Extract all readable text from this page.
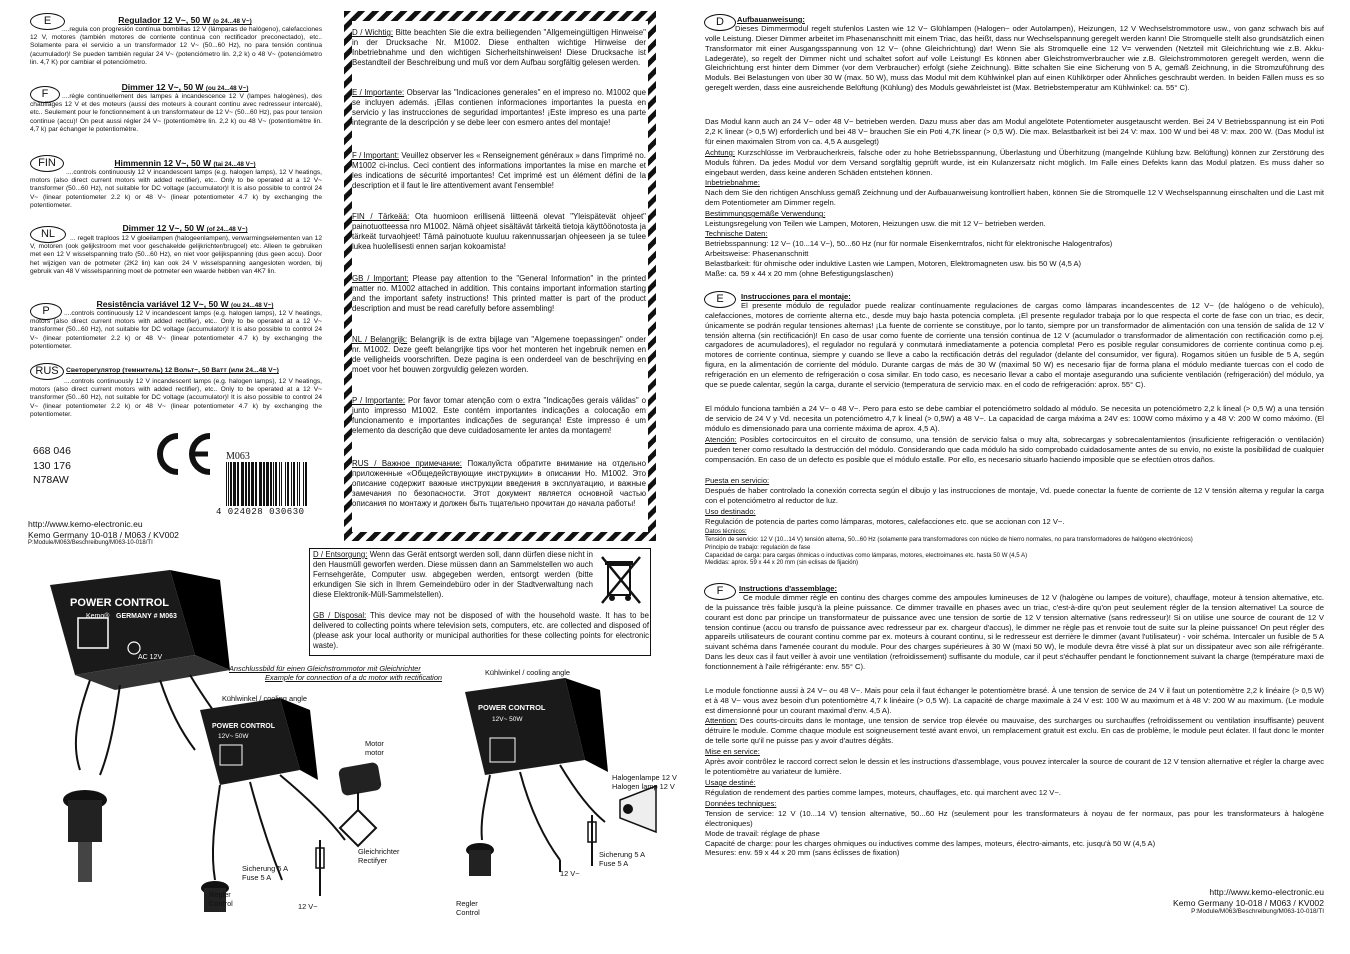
E	Regulador 12 V~, 50 W (o 24...48 V~)
....regula con progresión contínua bombillas 12 V (lámparas de halógeno), calefacciones 12 V, motores (también motores de corriente continua con rectificador preconectado), etc.. Solamente para el servicio a un transformador 12 V~ (50...60 Hz), no para tensión continua (acumulador)! Se pueden también regular 24 V~ (potenciómetro lin. 2,2 k) o 48 V~ (potenciómetro lin. 4,7 K) por cambiar el potenciómetro.
F
Dimmer 12 V~, 50 W (ou 24...48 V~)
....règle continuellement des lampes à incandescence 12 V (lampes halogènes), des chauffages 12 V et des moteurs (aussi des moteurs à courant continu avec redresseur intercalé), etc.. Seulement pour le fonctionnement à un transformateur de 12 V~ (50...60 Hz), pas pour tension continue (accu)! On peut aussi régler 24 V~ (potentiomètre lin. 2,2 k) ou 48 V~ (potentiomètre lin. 4,7 k) par échanger le potentiomètre.
FIN	Himmennin 12 V~, 50 W (tai 24...48 V~)
....controls continuously 12 V incandescent lamps (e.g. halogen lamps), 12 V heatings, motors (also direct current motors with added rectifier), etc.. Only to be operated at a 12 V~ transformer (50...60 Hz), not suitable for DC voltage (accumulator)! It is also possible to control 24 V~ (linear potentiometer 2.2 k) or 48 V~ (linear potentiometer 4.7 k) by exchanging the potentiometer.
NL	Dimmer 12 V~, 50 W (of 24...48 V~)
... regelt traploos 12 V gloeilampen (halogeenlampen), verwarmingselementen van 12 V, motoren (ook gelijkstroom met voor geschakelde gelijkrichter/brugcel) etc. Alleen te gebruiken met een 12 V wisselspanning trafo (50...60 Hz), en niet voor gelijkspanning (dus geen accu). Door het wijzigen van de potmeter (2K2 lin) kan ook 24 V wisselspanning aangesloten worden, bij gebruik van 48 V wisselspanning moet de potmeter een waarde hebben van 4K7 lin.
P
Resistência variável 12 V~, 50 W (ou 24...48 V~)
....controls continuously 12 V incandescent lamps (e.g. halogen lamps), 12 V heatings, motors (also direct current motors with added rectifier), etc.. Only to be operated at a 12 V~ transformer (50...60 Hz), not suitable for DC voltage (accumulator)! It is also possible to control 24 V~ (linear potentiometer 2.2 k) or 48 V~ (linear potentiometer 4.7 k) by exchanging the potentiometer.
RUS	Светорегулятор (темнитель) 12 Вольт~, 50 Ватт (или 24...48 V~)
....controls continuously 12 V incandescent lamps (e.g. halogen lamps), 12 V heatings, motors (also direct current motors with added rectifier), etc.. Only to be operated at a 12 V~ transformer (50...60 Hz), not suitable for DC voltage (accumulator)! It is also possible to control 24 V~ (linear potentiometer 2.2 k) or 48 V~ (linear potentiometer 4.7 k) by exchanging the potentiometer.
668 046
130 176
N78AW
M063
4 024028 030630
http://www.kemo-electronic.eu
Kemo Germany 10-018 / M063 / KV002
P:Module/M063/Beschreibung/M063-10-018/TI
D / Wichtig: Bitte beachten Sie die extra beiliegenden "Allgemeingültigen Hinweise" in der Drucksache Nr. M1002. Diese enthalten wichtige Hinweise der Inbetriebnahme und den wichtigen Sicherheitshinweisen! Diese Drucksache ist Bestandteil der Beschreibung und muß vor dem Aufbau sorgfältig gelesen werden.
E / Importante: Observar las "Indicaciones generales" en el impreso no. M1002 que se incluyen además. ¡Ellas contienen informaciones importantes la puesta en servicio y las instrucciones de seguridad importantes! ¡Este impreso es una parte integrante de la descripción y se debe leer con esmero antes del montaje!
F / Important: Veuillez observer les « Renseignement généraux » dans l'imprimé no. M1002 ci-inclus. Ceci contient des informations importantes la mise en marche et les indications de sécurité importantes! Cet imprimé est un élément défini de la description et il faut le lire attentivement avant l'ensemble!
FIN / Tärkeää: Ota huomioon erillisenä liitteenä olevat "Yleispätevät ohjeet" painotuotteessa nro M1002. Nämä ohjeet sisältävät tärkeitä tietoja käyttöönotosta ja tärkeät turvaohjeet! Tämä painotuote kuuluu rakennussarjan ohjeeseen ja se tulee lukea huolellisesti ennen sarjan kokoamista!
GB / Important: Please pay attention to the "General Information" in the printed matter no. M1002 attached in addition. This contains important information starting and the important safety instructions! This printed matter is part of the product description and must be read carefully before assembling!
NL / Belangrijk: Belangrijk is de extra bijlage van "Algemene toepassingen" onder nr. M1002. Deze geeft belangrijke tips voor het monteren het ingebruik nemen en de veiligheids voorschriften. Deze pagina is een onderdeel van de beschrijving en moet voor het bouwen zorgvuldig gelezen worden.
P / Importante: Por favor tomar atenção com o extra "Indicações gerais válidas" o junto impresso M1002. Este contém importantes indicações a colocação em funcionamento e importantes indicações de segurança! Este impresso é um elemento da descrição que deve cuidadosamente ler antes da montagem!
RUS / Важное примечание: Пожалуйста обратите внимание на отдельно приложенные «Общедействующие инструкции» в описании Но. M1002. Это описание содержит важные инструкции введения в эксплуатацию, и важные замечания по безопасности. Этот документ является основной частью описания по монтажу и должен быть тщательно прочитан до начала работы!
D / Entsorgung: Wenn das Gerät entsorgt werden soll, dann dürfen diese nicht in den Hausmüll geworfen werden. Diese müssen dann an Sammelstellen wo auch Fernsehgeräte, Computer usw. abgegeben werden, entsorgt werden (bitte erkundigen Sie sich in Ihrem Gemeindebüro oder in der Stadtverwaltung nach diese Elektronik-Müll-Sammelstellen).
GB / Disposal: This device may not be disposed of with the household waste. It has to be delivered to collecting points where television sets, computers, etc. are collected and disposed of (please ask your local authority or municipal authorities for these collecting points for electronic waste).
POWER CONTROL
Kemo® GERMANY # M063
AC 12V
POWER CONTROL
12V~ 50W
POWER CONTROL
12V~ 50W
Anschlussbild für einen Gleichstrommotor mit Gleichrichter
Example for connection of a dc motor with rectification
Kühlwinkel / cooling angle
Kühlwinkel / cooling angle
Motor
motor
Gleichrichter
Rectifyer
Sicherung 5 A
Fuse 5 A
Regler
Control	12 V~
Halogenlampe 12 V
Halogen lamp 12 V
Sicherung 5 A
Fuse 5 A
Regler
Control
12 V~
D	Aufbauanweisung:
Dieses Dimmermodul regelt stufenlos Lasten wie 12 V~ Glühlampen (Halogen~ oder Autolampen), Heizungen, 12 V Wechselstrommotore usw., von ganz schwach bis auf volle Leistung. Dieser Dimmer arbeitet im Phasenanschnitt mit einem Triac, das heißt, dass nur Wechselspannung geregelt werden kann! Die Stromquelle stellt also grundsätzlich einen Transformator mit einer Ausgangsspannung von 12 V~ (ohne Gleichrichtung) dar! Wenn Sie als Stromquelle eine 12 V= verwenden (Netzteil mit Gleichrichtung wie z.B. Akku-Ladegeräte), so regelt der Dimmer nicht und schaltet sofort auf volle Leistung! Es können aber Gleichstromverbraucher wie z.B. Gleichstrommotoren geregelt werden, wenn die Gleichrichtung erst hinter dem Dimmer (vor dem Verbraucher) erfolgt (siehe Zeichnung). Bitte schalten Sie eine Sicherung von 5 A, gemäß Zeichnung, in die Stromzuführung des Moduls. Bei Belastungen von über 30 W (max. 50 W), muss das Modul mit dem Kühlwinkel plan auf einen Kühlkörper oder Ähnliches geschraubt werden. In beiden Fällen muss es so geregelt werden, dass eine ausreichende Belüftung (Kühlung) des Moduls gewährleistet ist (Max. Betriebstemperatur am Kühlwinkel: ca. 55° C).
Das Modul kann auch an 24 V~ oder 48 V~ betrieben werden. Dazu muss aber das am Modul angelötete Potentiometer ausgetauscht werden. Bei 24 V Betriebsspannung ist ein Poti 2,2 K linear (> 0,5 W) erforderlich und bei 48 V~ brauchen Sie ein Poti 4,7K linear (> 0,5 W). Die max. Belastbarkeit ist bei 24 V: max. 100 W und bei 48 V: max. 200 W. (Das Modul ist für einen maximalen Strom von ca. 4,5 A ausgelegt)
Achtung: Kurzschlüsse im Verbraucherkreis, falsche oder zu hohe Betriebsspannung, Überlastung und Überhitzung (mangelnde Kühlung bzw. Belüftung) können zur Zerstörung des Moduls führen. Da jedes Modul vor dem Versand sorgfältig geprüft wurde, ist ein Kulanzersatz nicht möglich. Im Falle eines Defekts kann das Modul platzen. Es muss daher so eingebaut werden, dass keine anderen Schäden entstehen können.
Inbetriebnahme:
Nach dem Sie den richtigen Anschluss gemäß Zeichnung und der Aufbauanweisung kontrolliert haben, können Sie die Stromquelle 12 V Wechselspannung einschalten und die Last mit dem Potentiometer am Dimmer regeln.
Bestimmungsgemäße Verwendung:
Leistungsregelung von Teilen wie Lampen, Motoren, Heizungen usw. die mit 12 V~ betrieben werden.
Technische Daten:
Betriebsspannung: 12 V~ (10...14 V~), 50...60 Hz (nur für normale Eisenkerntrafos, nicht für elektronische Halogentrafos)
Arbeitsweise: Phasenanschnitt
Belastbarkeit: für ohmische oder induktive Lasten wie Lampen, Motoren, Elektromagneten usw. bis 50 W (4,5 A)
Maße: ca. 59 x 44 x 20 mm (ohne Befestigungslaschen)
E	Instrucciones para el montaje:
El presente módulo de regulador puede realizar contínuamente regulaciones de cargas como lámparas incandescentes de 12 V~ (de halógeno o de vehículo), calefacciones, motores de corriente alterna etc., desde muy bajo hasta potencia completa. ¡El presente regulador trabaja por lo que respecta el corte de fase con un triac, es decir, únicamente se podrán regular tensiones alternas! ¡La fuente de corriente se constituye, por lo tanto, siempre por un transformador de alimentación con una tensión de salida de 12 V tensión alterna (sin rectificación)! En caso de usar como fuente de corriente una tensión continua de 12 V (acumulador o transformador de alimentación con rectificación como p.ej. cargadores de acumuladores), el regulador no regulará y conmutará inmediatamente a potencia completa! Pero es posible regular consumidores de corriente continua como p.ej. motores de corriente continua, siempre y cuando se lleve a cabo la rectificación detrás del regulador (delante del consumidor, ver figura). Rogamos sitúen un fusible de 5 A, según figura, en la alimentación de corriente del módulo. Durante cargas de más de 30 W (maximal 50 W) es necesario fijar de forma plana el módulo mediante tuercas con el codo de refrigeración en un elemento de refrigeración o cosa similar. En todo caso, es necesario llevar a cabo el montaje asegurando una suficiente ventilación (refrigeración) del módulo, ya que se puede calentar, según la carga, durante el servicio (temperatura de servicio max. en el codo de refrigeración: aprox. 55° C).
El módulo funciona también a 24 V~ o 48 V~. Pero para esto se debe cambiar el potenciómetro soldado al módulo. Se necesita un potenciómetro 2,2 k lineal (> 0,5 W) a una tensión de servicio de 24 V y Vd. necesita un potenciómetro 4,7 k lineal (> 0,5W) a 48 V~. La capacidad de carga máxima a 24V es: 100W como máximo y a 48 V: 200 W como máximo. (El módulo es dimensionado para una corriente máxima de aprox. 4,5 A).
Atención: Posibles cortocircuitos en el circuito de consumo, una tensión de servicio falsa o muy alta, sobrecargas y sobrecalentamientos (insuficiente refrigeración o ventilación) pueden tener como resultado la destrucción del módulo. Considerando que cada módulo ha sido comprobado cuidadosamente antes de su envío, no existe la posibilidad de cualquier compensación. En caso de un defecto es posible que el módulo estalle. Por ello, es necesario situarlo haciendo imposible que se efectúen otros daños.
Puesta en servicio:
Después de haber controlado la conexión correcta según el dibujo y las instrucciones de montaje, Vd. puede conectar la fuente de corriente de 12 V tensión alterna y regular la carga con el potenciómetro al reductor de luz.
Uso destinado:
Regulación de potencia de partes como lámparas, motores, calefacciones etc. que se accionan con 12 V~.
Datos técnicos:
Tensión de servicio: 12 V (10...14 V) tensión alterna, 50...60 Hz (solamente para transformadores con núcleo de hierro normales, no para transformadores de halógeno electrónicos)
Principio de trabajo: regulación de fase
Capacidad de carga: para cargas óhmicas o inductivas como lámparas, motores, electroimanes etc. hasta 50 W (4,5 A)
Medidas: aprox. 59 x 44 x 20 mm (sin eclisas de fijación)
F	Instructions d'assemblage:
Ce module dimmer règle en continu des charges comme des ampoules lumineuses de 12 V (halogène ou lampes de voiture), chauffage, moteur à tension alternative, etc. de la puissance très faible jusqu'à la pleine puissance. Ce dimmer travaille en phases avec un triac, c'est-à-dire qu'on peut seulement régler de la tension alternative! La source de courant est donc par principe un transformateur de puissance avec une tension de sortie de 12 V tension alternative (sans redresseur)! Si on utilise une source de courant de 12 V tension continue (accu ou transfo de puissance avec redresseur par ex. chargeur d'accus), le dimmer ne règle pas et renvoie tout de suite sur la pleine puissance! On peut régler des appareils utilisateurs de courant continu comme par ex. moteurs à courant continu, si le redresseur est derrière le dimmer (avant l'utilisateur) - voir schéma. Intercaler un fusible de 5 A suivant schéma dans l'amenée courant du module. Pour des charges supérieures à 30 W (maxi 50 W), le module devra être vissé à plat sur un dissipateur avec son aile réfrigérante. Dans les deux cas il faut veiller à avoir une ventilation (refroidissement) suffisante du module, car il peut s'échauffer pendant le fonctionnement suivant la charge (température maxi de fonctionnement à l'aile réfrigérante: env. 55° C).
Le module fonctionne aussi à 24 V~ ou 48 V~. Mais pour cela il faut échanger le potentiomètre brasé. À une tension de service de 24 V il faut un potentiomètre 2,2 k linéaire (> 0,5 W) et à 48 V~ vous avez besoin d'un potentiomètre 4,7 k linéaire (> 0,5 W). La capacité de charge maximale à 24 V est: 100 W au maximum et à 48 V: 200 W au maximum. (Le module est dimensionné pour un courant maximal d'env. 4,5 A).
Attention: Des courts-circuits dans le montage, une tension de service trop élevée ou mauvaise, des surcharges ou surchauffes (refroidissement ou ventilation insuffisante) peuvent détruire le module. Comme chaque module est soigneusement testé avant envoi, un remplacement gratuit est exclu. En cas de problème, le module peut éclater. Il faut donc le monter de telle sorte qu'il ne puisse pas y avoir d'autres dégâts.
Mise en service:
Après avoir contrôlez le raccord correct selon le dessin et les instructions d'assemblage, vous pouvez intercaler la source de courant de 12 V tension alternative et régler la charge avec le potentiomètre au variateur de lumière.
Usage destiné:
Régulation de rendement des parties comme lampes, moteurs, chauffages, etc. qui marchent avec 12 V~.
Données techniques:
Tension de service: 12 V (10...14 V) tension alternative, 50...60 Hz (seulement pour les transformateurs à noyau de fer normaux, pas pour les transformateurs à halogène électroniques)
Mode de travail: réglage de phase
Capacité de charge: pour les charges ohmiques ou inductives comme des lampes, moteurs, électro-aimants, etc. jusqu'à 50 W (4,5 A)
Mesures: env. 59 x 44 x 20 mm (sans éclisses de fixation)
http://www.kemo-electronic.eu
Kemo Germany 10-018 / M063 / KV002
P:Module/M063/Beschreibung/M063-10-018/TI
